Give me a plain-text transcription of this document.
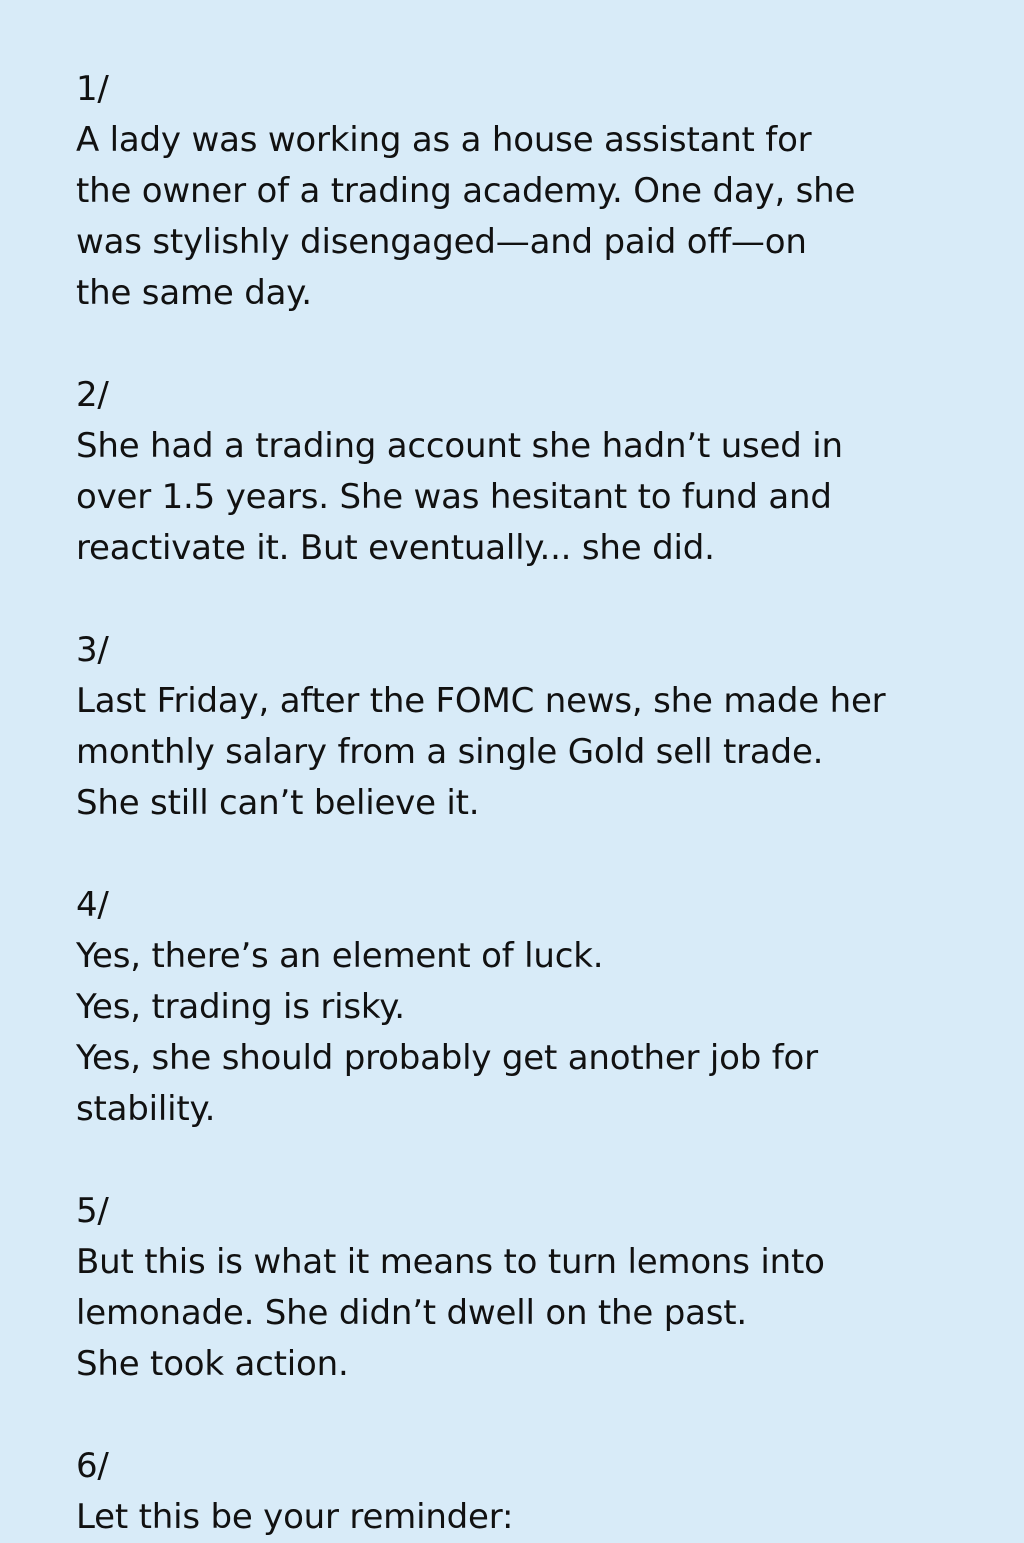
1/
A lady was working as a house assistant for
the owner of a trading academy. One day, she
was stylishly disengaged—and paid off—on
the same day.
2/
She had a trading account she hadn’t used in
over 1.5 years. She was hesitant to fund and
reactivate it. But eventually... she did.
3/
Last Friday, after the FOMC news, she made her
monthly salary from a single Gold sell trade.
She still can’t believe it.
4/
Yes, there’s an element of luck.
Yes, trading is risky.
Yes, she should probably get another job for
stability.
5/
But this is what it means to turn lemons into
lemonade. She didn’t dwell on the past.
She took action.
6/
Let this be your reminder:
